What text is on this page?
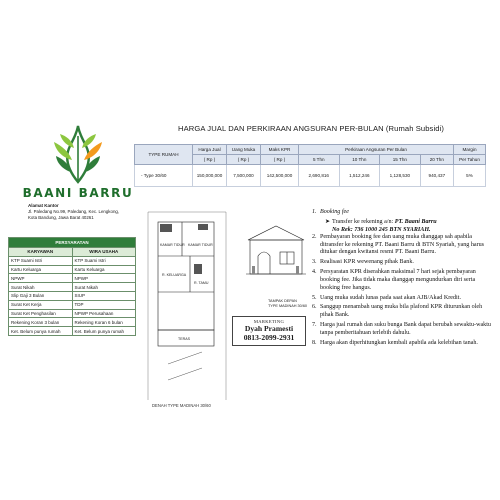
BAANI BARRU
Alamat Kantor
Jl. Paledang No.99, Paledang, Kec. Lengkong, Kota Bandung, Jawa Barat 40261
PERSYARATAN	
KARYAWAN	WIRA USAHA
KTP Suami Istri	KTP Suami Istri
Kartu Keluarga	Kartu Keluarga
NPWP	NPWP
Surat Nikah	Surat Nikah
Slip Gaji 3 Bulan	SIUP
Surat Ket Kerja	TDP
Surat Ket Penghasilan	NPWP Perusahaan
Rekening Koran 3 bulan	Rekening Koran 6 bulan
Ket. Belum punya rumah	Ket. Belum punya rumah
HARGA JUAL DAN PERKIRAAN ANGSURAN PER-BULAN (Rumah Subsidi)
TYPE RUMAH	Harga Jual	Uang Muka	Maks KPR	Perkiraan Angsuran Per Bulan				Margin
	( Rp )	( Rp )	( Rp )	5 Thn	10 Thn	15 Thn	20 Thn	Per Tahun
- Type 30/60	150,000,000	7,500,000	142,500,000	2,690,816	1,512,246	1,128,530	940,437	5%
KAMAR TIDUR KAMAR TIDUR
R. TAMU
R. KELUARGA
TERAS
DENAH TYPE MADINAH 30/60
TAMPAK DEPAN
TYPE MADINAH 30/60
MARKETING
Dyah Pramesti
0813-2099-2931
1. Booking fee
➤ Transfer ke rekening a/n: PT. Baani Barru
No Rek: 736 1000 245 BTN SYARIAH.
2. Pembayaran booking fee dan uang muka dianggap sah apabila ditransfer ke rekening PT. Baani Barru di BTN Syariah, yang harus ditukar dengan kwitansi resmi PT. Baani Barru.
3. Realisasi KPR wewenang pihak Bank.
4. Persyaratan KPR diserahkan maksimal 7 hari sejak pembayaran booking fee. Jika tidak maka dianggap mengundurkan diri serta booking free hangus.
5. Uang muka sudah lunas pada saat akan AJB/Akad Kredit.
6. Sanggup menambah uang muka bila plafond KPR diturunkan oleh pihak Bank.
7. Harga jual rumah dan suku bunga Bank dapat berubah sewaktu-waktu tanpa pemberitahuan terlebih dahulu.
8. Harga akan diperhitungkan kembali apabila ada kelebihan tanah.
